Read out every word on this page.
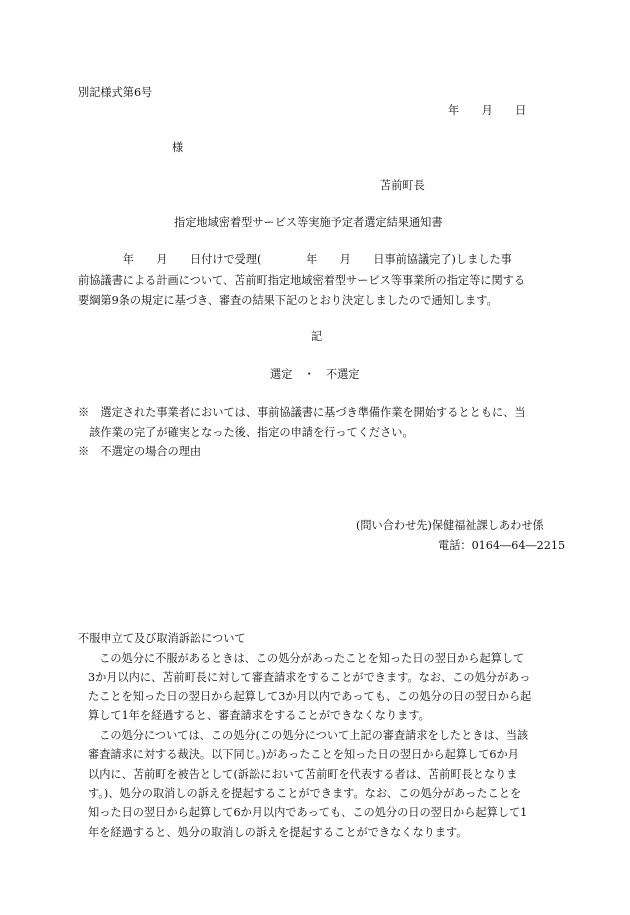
別記様式第6号
年　　月　　日
様
苫前町長
指定地域密着型サービス等実施予定者選定結果通知書
　　　　年　　月　　日付けで受理(　　　　年　　月　　日事前協議完了)しました事
前協議書による計画について、苫前町指定地域密着型サービス等事業所の指定等に関する
要綱第9条の規定に基づき、審査の結果下記のとおり決定しましたので通知します。
記
選定　・　不選定
※　選定された事業者においては、事前協議書に基づき準備作業を開始するとともに、当
　該作業の完了が確実となった後、指定の申請を行ってください。
※　不選定の場合の理由
(問い合わせ先)保健福祉課しあわせ係
電話：0164―64―2215
不服申立て及び取消訴訟について
　この処分に不服があるときは、この処分があったことを知った日の翌日から起算して
3か月以内に、苫前町長に対して審査請求をすることができます。なお、この処分があっ
たことを知った日の翌日から起算して3か月以内であっても、この処分の日の翌日から起
算して1年を経過すると、審査請求をすることができなくなります。
　この処分については、この処分(この処分について上記の審査請求をしたときは、当該
審査請求に対する裁決。以下同じ。)があったことを知った日の翌日から起算して6か月
以内に、苫前町を被告として(訴訟において苫前町を代表する者は、苫前町長となりま
す。)、処分の取消しの訴えを提起することができます。なお、この処分があったことを
知った日の翌日から起算して6か月以内であっても、この処分の日の翌日から起算して1
年を経過すると、処分の取消しの訴えを提起することができなくなります。
